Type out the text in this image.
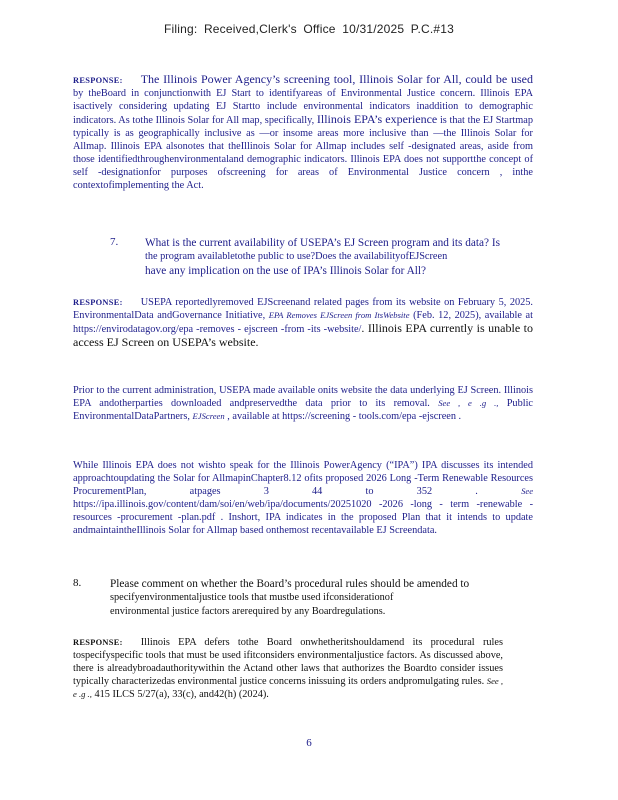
Filing: Received,Clerk's Office 10/31/2025 P.C.#13
RESPONSE: The Illinois Power Agency’s screening tool, Illinois Solar for All, could be used by theBoard in conjunctionwith EJ Start to identifyareas of Environmental Justice concern. Illinois EPA isactively considering updating EJ Startto include environmental indicators inaddition to demographic indicators. As tothe Illinois Solar for All map, specifically, Illinois EPA’s experience is that the EJ Startmap typically is as geographically inclusive as —or insome areas more inclusive than —the Illinois Solar for Allmap. Illinois EPA alsonotes that theIllinois Solar for Allmap includes self -designated areas, aside from those identifiedthroughenvironmentaland demographic indicators. Illinois EPA does not supportthe concept of self -designationfor purposes ofscreening for areas of Environmental Justice concern , inthe contextofimplementing the Act.
7. What is the current availability of USEPA’s EJ Screen program and its data? Is
the program availabletothe public to use?Does the availabilityofEJScreen
have any implication on the use of IPA’s Illinois Solar for All?
RESPONSE: USEPA reportedlyremoved EJScreenand related pages from its website on February 5, 2025. EnvironmentalData andGovernance Initiative, EPA Removes EJScreen from ItsWebsite (Feb. 12, 2025), available at https://envirodatagov.org/epa -removes - ejscreen -from -its -website/. Illinois EPA currently is unable to access EJ Screen on USEPA’s website.
Prior to the current administration, USEPA made available onits website the data underlying EJ Screen. Illinois EPA andotherparties downloaded andpreservedthe data prior to its removal. See , e .g ., Public EnvironmentalDataPartners, EJScreen , available at https://screening - tools.com/epa -ejscreen .
While Illinois EPA does not wishto speak for the Illinois PowerAgency (“IPA”) IPA discusses its intended approachtoupdating the Solar for AllmapinChapter8.12 ofits proposed 2026 Long -Term Renewable Resources ProcurementPlan, atpages 3 44 to 352 .	See https://ipa.illinois.gov/content/dam/soi/en/web/ipa/documents/20251020 -2026 -long - term -renewable -resources -procurement -plan.pdf . Inshort, IPA indicates in the proposed Plan that it intends to update andmaintaintheIllinois Solar for Allmap based onthemost recentavailable EJ Screendata.
8.	Please comment on whether the Board’s procedural rules should be amended to
specifyenvironmentaljustice tools that mustbe used ifconsiderationof
environmental justice factors arerequired by any Boardregulations.
RESPONSE: Illinois EPA defers tothe Board onwhetheritshouldamend its procedural rules tospecifyspecific tools that must be used ifitconsiders environmentaljustice factors. As discussed above, there is alreadybroadauthoritywithin the Actand other laws that authorizes the Boardto consider issues typically characterizedas environmental justice concerns inissuing its orders andpromulgating rules. See , e .g ., 415 ILCS 5/27(a), 33(c), and42(h) (2024).
6
